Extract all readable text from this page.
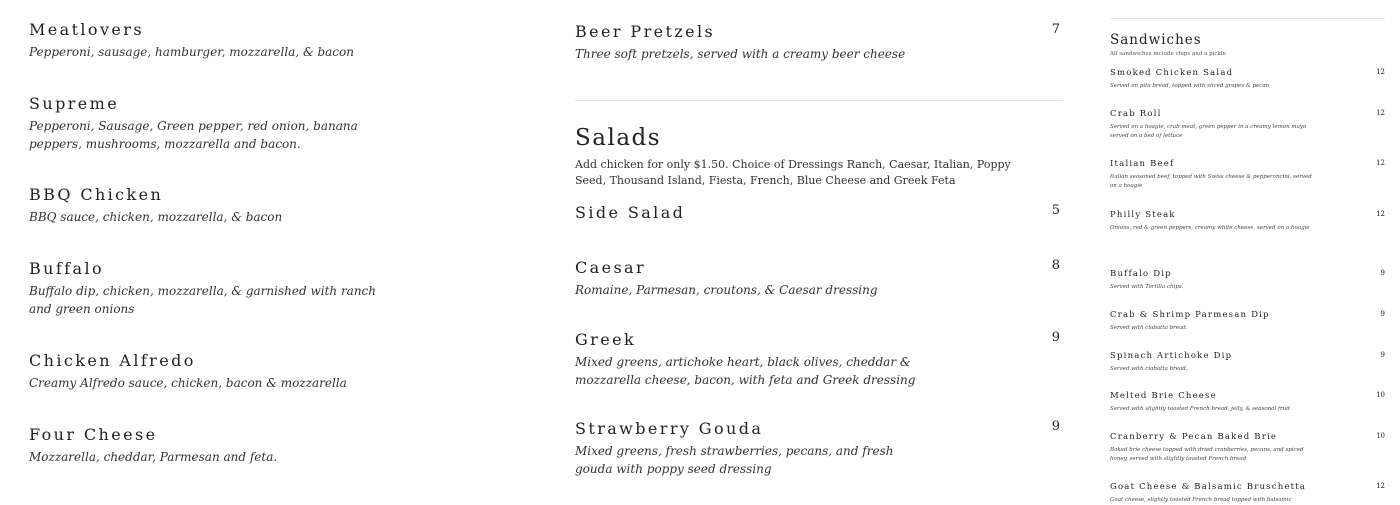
Meatlovers
Pepperoni, sausage, hamburger, mozzarella, & bacon
Supreme
Pepperoni, Sausage, Green pepper, red onion, banana peppers, mushrooms, mozzarella and bacon.
BBQ Chicken
BBQ sauce, chicken, mozzarella, & bacon
Buffalo
Buffalo dip, chicken, mozzarella, & garnished with ranch and green onions
Chicken Alfredo
Creamy Alfredo sauce, chicken, bacon & mozzarella
Four Cheese
Mozzarella, cheddar, Parmesan and feta.
Beer Pretzels
Three soft pretzels, served with a creamy beer cheese
7
Salads
Add chicken for only $1.50. Choice of Dressings Ranch, Caesar, Italian, Poppy Seed, Thousand Island, Fiesta, French, Blue Cheese and Greek Feta
Side Salad	5
Caesar
Romaine, Parmesan, croutons, & Caesar dressing
8
Greek
Mixed greens, artichoke heart, black olives, cheddar & mozzarella cheese, bacon, with feta and Greek dressing
9
Strawberry Gouda
Mixed greens, fresh strawberries, pecans, and fresh gouda with poppy seed dressing
9
Sandwiches
All sandwiches include chips and a pickle
Smoked Chicken Salad
Served on pita bread, topped with sliced grapes & pecan
12
Crab Roll
Served on a hoagie, crab meat, green pepper in a creamy lemon mayo served on a bed of lettuce
12
Italian Beef
Italian seasoned beef, topped with Swiss cheese & pepperoncini, served on a hoagie
12
Philly Steak
Onions, red & green peppers, creamy white cheese, served on a hoagie
12
Buffalo Dip
Served with Tortilla chips.
9
Crab & Shrimp Parmesan Dip
Served with ciabatta bread.
9
Spinach Artichoke Dip
Served with ciabatta bread.
9
Melted Brie Cheese
Served with slightly toasted French bread, jelly, & seasonal fruit
10
Cranberry & Pecan Baked Brie
Baked brie cheese topped with dried cranberries, pecans, and spiced honey, served with slightly toasted French bread
10
Goat Cheese & Balsamic Bruschetta
Goat cheese, slightly toasted French bread topped with balsamic
12
